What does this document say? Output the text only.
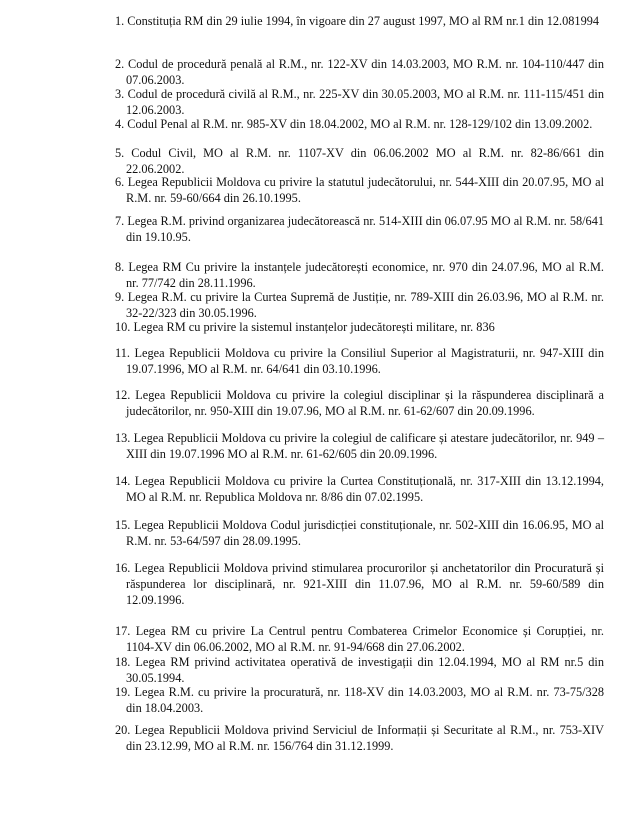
1. Constituția RM din 29 iulie 1994, în vigoare din 27 august 1997, MO al RM nr.1 din 12.081994
2. Codul de procedură penală al R.M., nr. 122-XV din 14.03.2003, MO R.M. nr. 104-110/447 din 07.06.2003.
3. Codul de procedură civilă al R.M., nr. 225-XV din 30.05.2003, MO al R.M. nr. 111-115/451 din 12.06.2003.
4. Codul Penal al R.M. nr. 985-XV din 18.04.2002, MO al R.M. nr. 128-129/102 din 13.09.2002.
5. Codul Civil, MO al R.M. nr. 1107-XV din 06.06.2002 MO al R.M. nr. 82-86/661 din 22.06.2002.
6. Legea Republicii Moldova cu privire la statutul judecătorului, nr. 544-XIII din 20.07.95, MO al R.M. nr. 59-60/664 din 26.10.1995.
7. Legea R.M. privind organizarea judecătorească nr. 514-XIII din 06.07.95 MO al R.M. nr. 58/641 din 19.10.95.
8. Legea RM Cu privire la instanțele judecătorești economice, nr. 970 din 24.07.96, MO al R.M. nr. 77/742 din 28.11.1996.
9. Legea R.M. cu privire la Curtea Supremă de Justiție, nr. 789-XIII din 26.03.96, MO al R.M. nr. 32-22/323 din 30.05.1996.
10. Legea RM cu privire la sistemul instanțelor judecătorești militare, nr. 836
11. Legea Republicii Moldova cu privire la Consiliul Superior al Magistraturii, nr. 947-XIII din 19.07.1996, MO al R.M. nr. 64/641 din 03.10.1996.
12. Legea Republicii Moldova cu privire la colegiul disciplinar și la răspunderea disciplinară a judecătorilor, nr. 950-XIII din 19.07.96, MO al R.M. nr. 61-62/607 din 20.09.1996.
13. Legea Republicii Moldova cu privire la colegiul de calificare și atestare judecătorilor, nr. 949 – XIII din 19.07.1996 MO al R.M. nr. 61-62/605 din 20.09.1996.
14. Legea Republicii Moldova cu privire la Curtea Constituțională, nr. 317-XIII din 13.12.1994, MO al R.M. nr. Republica Moldova nr. 8/86 din 07.02.1995.
15. Legea Republicii Moldova Codul jurisdicției constituționale, nr. 502-XIII din 16.06.95, MO al R.M. nr. 53-64/597 din 28.09.1995.
16. Legea Republicii Moldova privind stimularea procurorilor și anchetatorilor din Procuratură și răspunderea lor disciplinară, nr. 921-XIII din 11.07.96, MO al R.M. nr. 59-60/589 din 12.09.1996.
17. Legea RM cu privire La Centrul pentru Combaterea Crimelor Economice și Corupției, nr. 1104-XV din 06.06.2002, MO al R.M. nr. 91-94/668 din 27.06.2002.
18. Legea RM privind activitatea operativă de investigații din 12.04.1994, MO al RM nr.5 din 30.05.1994.
19. Legea R.M. cu privire la procuratură, nr. 118-XV din 14.03.2003, MO al R.M. nr. 73-75/328 din 18.04.2003.
20. Legea Republicii Moldova privind Serviciul de Informații și Securitate al R.M., nr. 753-XIV din 23.12.99, MO al R.M. nr. 156/764 din 31.12.1999.
